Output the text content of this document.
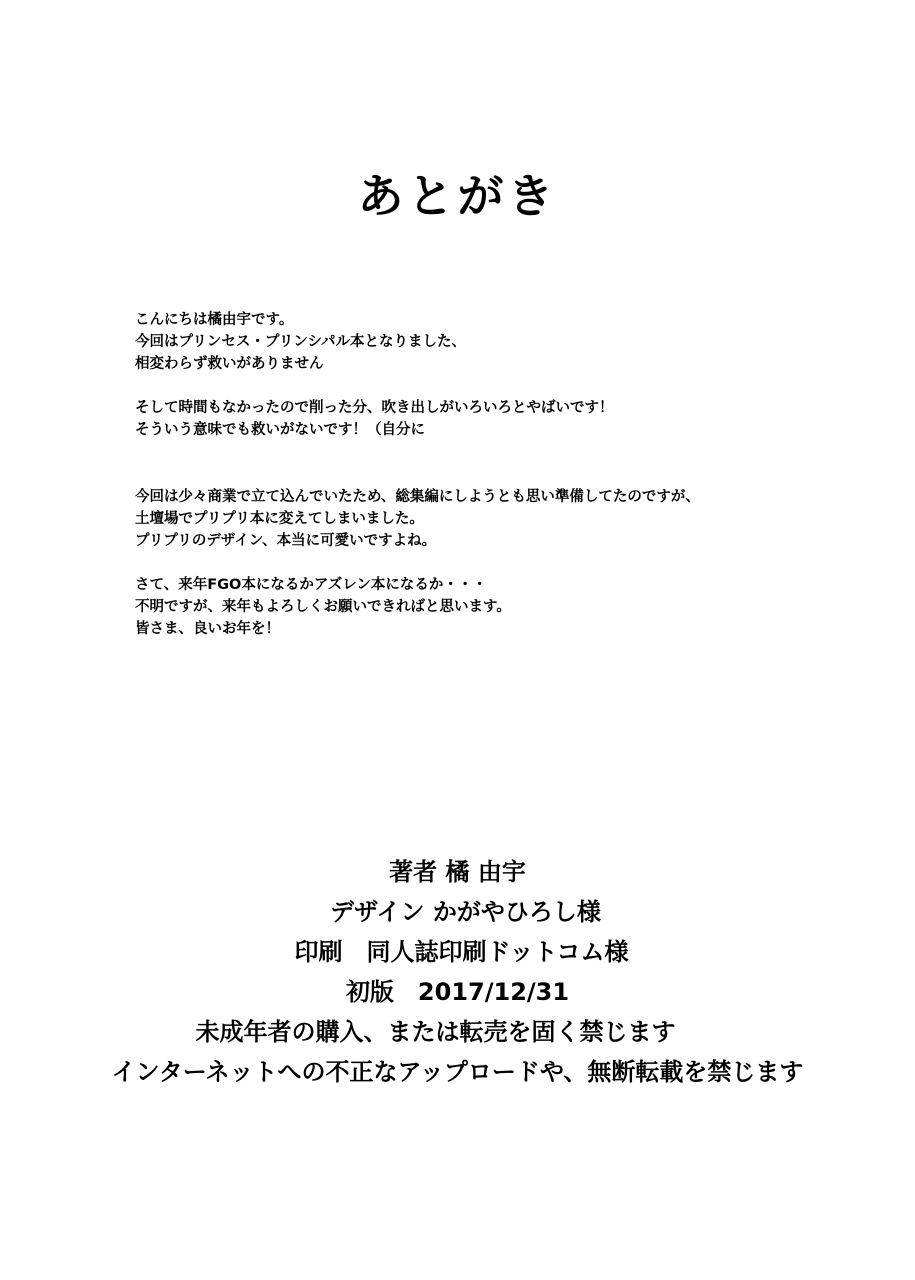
あとがき
こんにちは橘由宇です。
今回はプリンセス・プリンシパル本となりました、
相変わらず救いがありません
そして時間もなかったので削った分、吹き出しがいろいろとやばいです！
そういう意味でも救いがないです！（自分に
今回は少々商業で立て込んでいたため、総集編にしようとも思い準備してたのですが、
土壇場でプリプリ本に変えてしまいました。
プリプリのデザイン、本当に可愛いですよね。
さて、来年FGO本になるかアズレン本になるか・・・
不明ですが、来年もよろしくお願いできればと思います。
皆さま、良いお年を！
著者 橘 由宇
デザイン かがやひろし様
印刷　同人誌印刷ドットコム様
初版　2017/12/31
未成年者の購入、または転売を固く禁じます
インターネットへの不正なアップロードや、無断転載を禁じます
